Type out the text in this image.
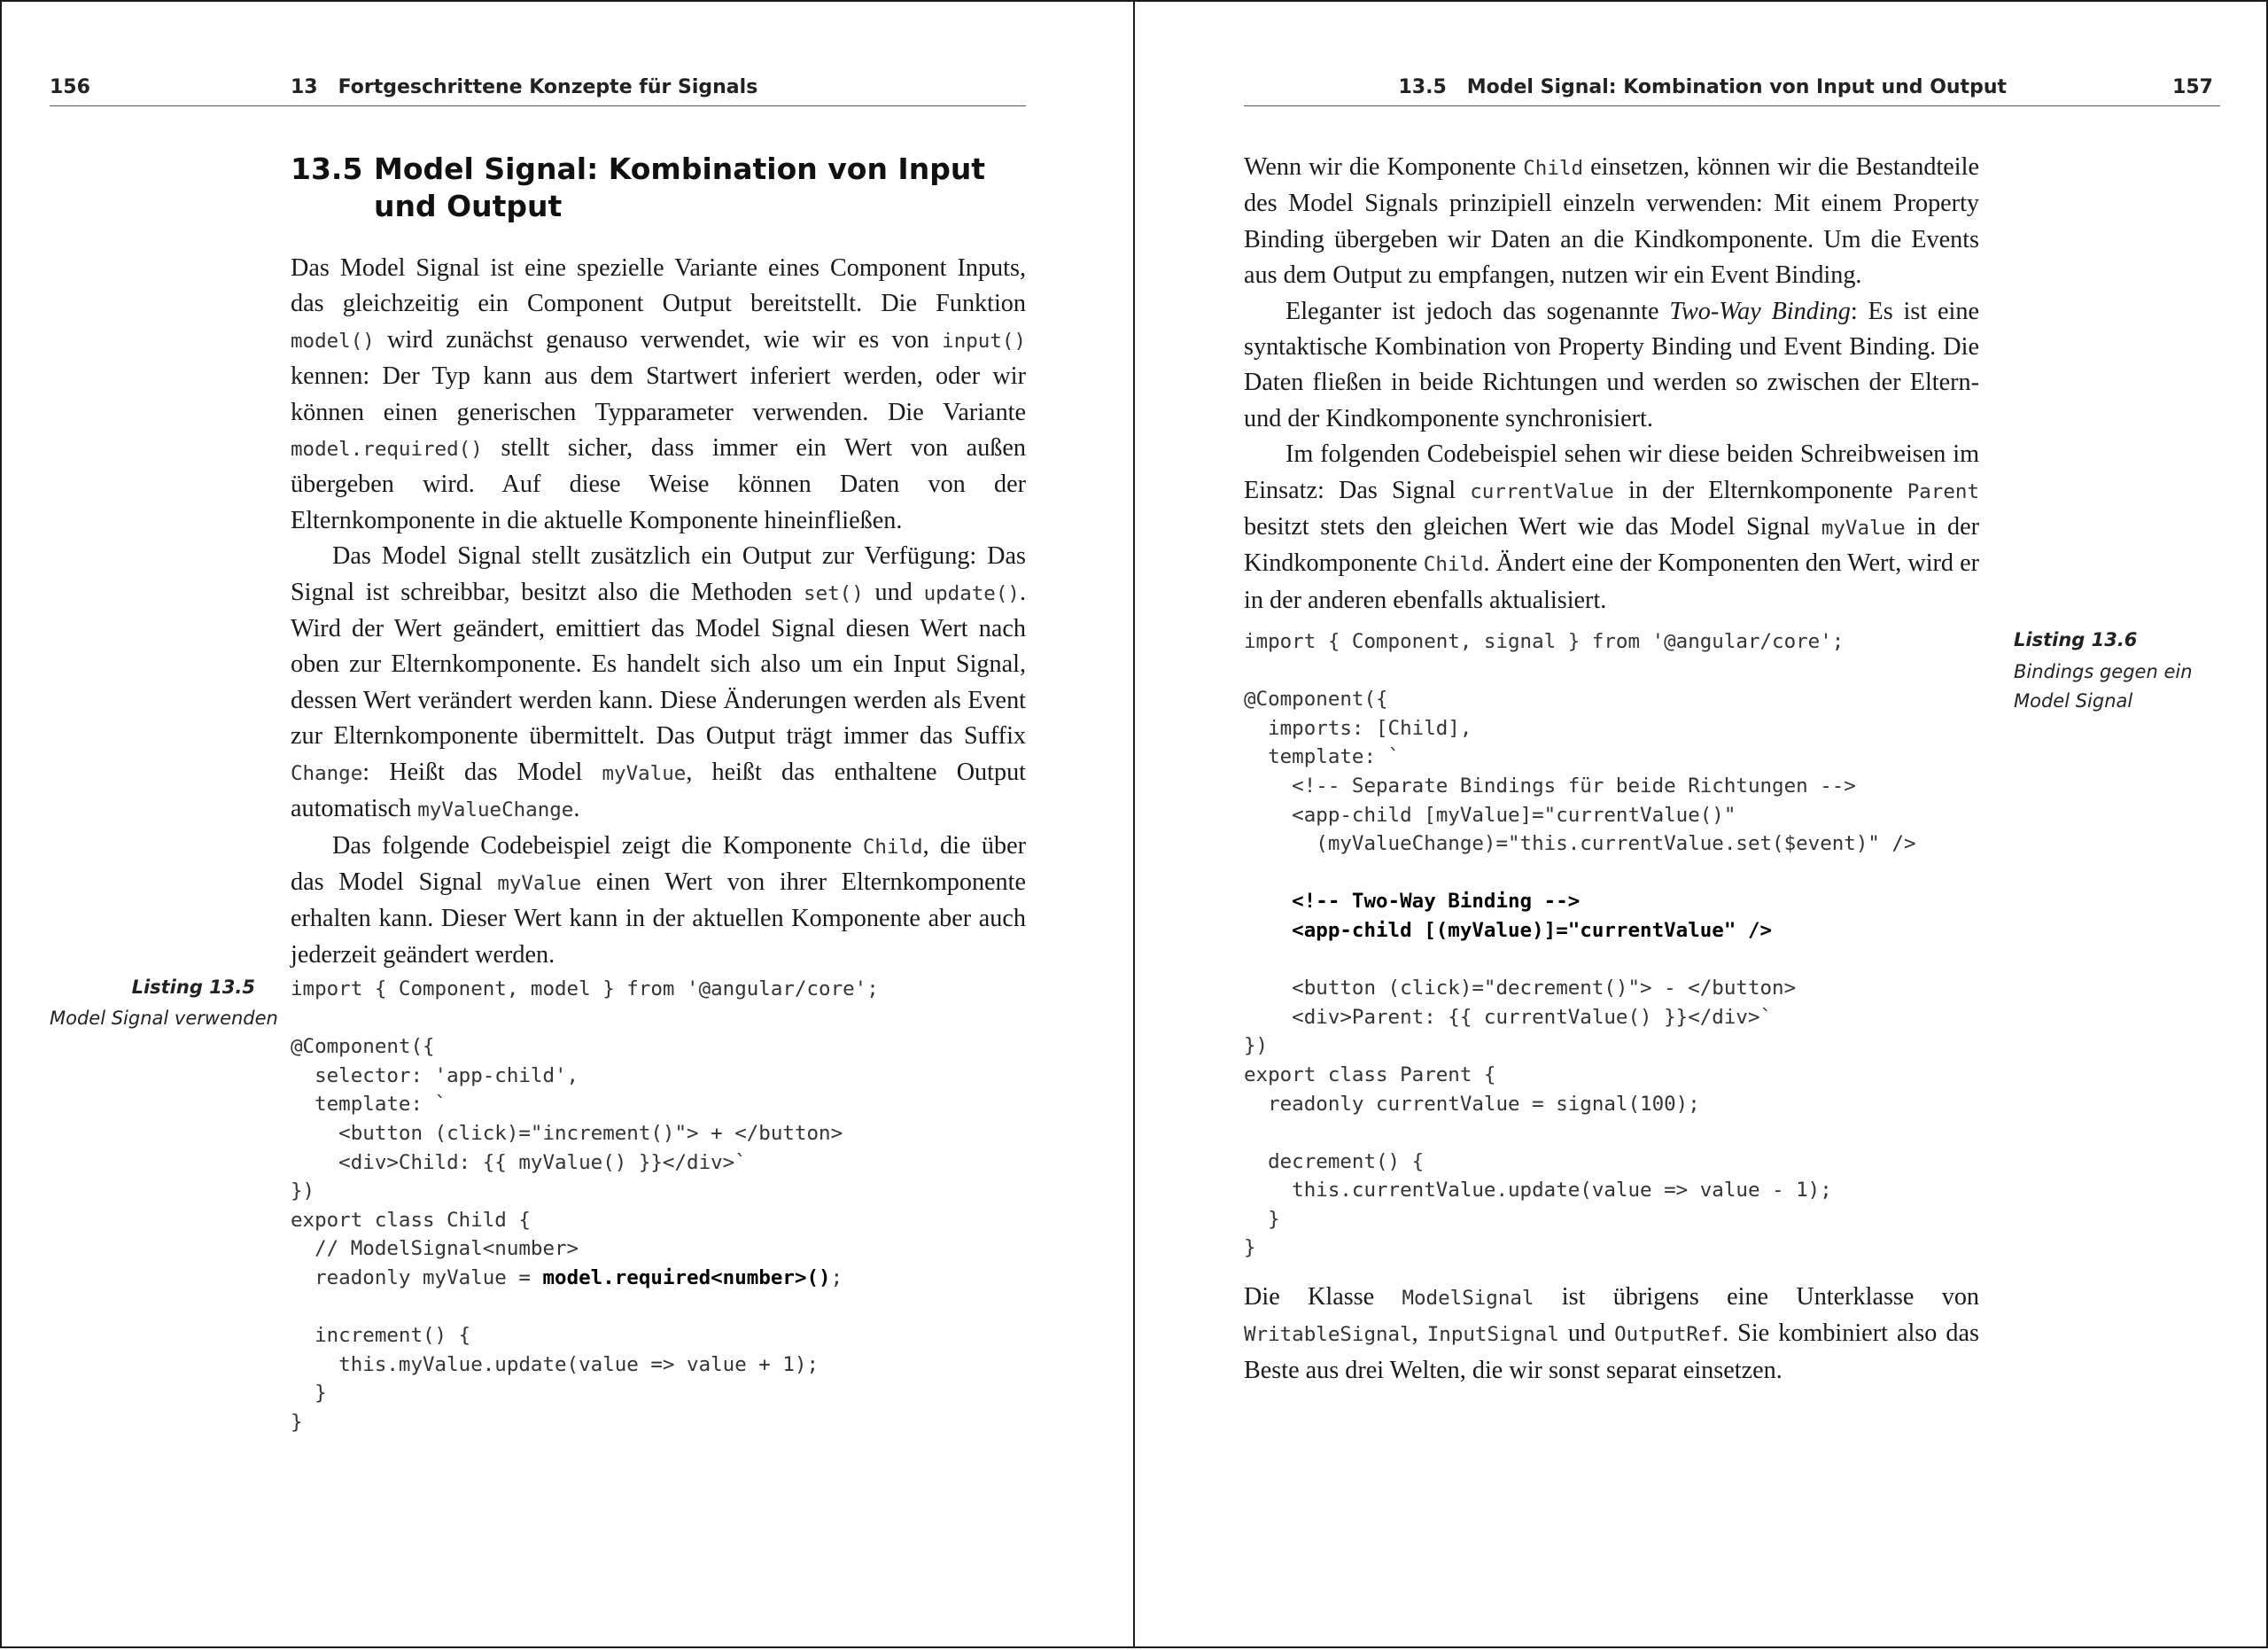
156	13   Fortgeschrittene Konzepte für Signals
13.5 Model Signal: Kombination von Input und Output

Das Model Signal ist eine spezielle Variante eines Component Inputs, das gleichzeitig ein Component Output bereitstellt. Die Funktion model() wird zunächst genauso verwendet, wie wir es von input() kennen: Der Typ kann aus dem Startwert inferiert werden, oder wir können einen generischen Typparameter verwenden. Die Variante model.required() stellt sicher, dass immer ein Wert von außen übergeben wird. Auf diese Weise können Daten von der Elternkomponente in die aktuelle Komponente hineinfließen.

Das Model Signal stellt zusätzlich ein Output zur Verfügung: Das Signal ist schreibbar, besitzt also die Methoden set() und update(). Wird der Wert geändert, emittiert das Model Signal diesen Wert nach oben zur Elternkomponente. Es handelt sich also um ein Input Signal, dessen Wert verändert werden kann. Diese Änderungen werden als Event zur Elternkomponente übermittelt. Das Output trägt immer das Suffix Change: Heißt das Model myValue, heißt das enthaltene Output automatisch myValueChange.

Das folgende Codebeispiel zeigt die Komponente Child, die über das Model Signal myValue einen Wert von ihrer Elternkomponente erhalten kann. Dieser Wert kann in der aktuellen Komponente aber auch jederzeit geändert werden.

Listing 13.5
Model Signal verwenden
import { Component, model } from '@angular/core';

@Component({
selector: 'app-child',
template: `
<button (click)="increment()"> + </button>
<div>Child: {{ myValue() }}</div>`
})
export class Child {
// ModelSignal<number>
readonly myValue = model.required<number>();

increment() {
this.myValue.update(value => value + 1);
}
}
157
13.5   Model Signal: Kombination von Input und Output

Wenn wir die Komponente Child einsetzen, können wir die Bestandteile des Model Signals prinzipiell einzeln verwenden: Mit einem Property Binding übergeben wir Daten an die Kindkomponente. Um die Events aus dem Output zu empfangen, nutzen wir ein Event Binding.

Eleganter ist jedoch das sogenannte Two-Way Binding: Es ist eine syntaktische Kombination von Property Binding und Event Binding. Die Daten fließen in beide Richtungen und werden so zwischen der Eltern- und der Kindkomponente synchronisiert.

Im folgenden Codebeispiel sehen wir diese beiden Schreibweisen im Einsatz: Das Signal currentValue in der Elternkomponente Parent besitzt stets den gleichen Wert wie das Model Signal myValue in der Kindkomponente Child. Ändert eine der Komponenten den Wert, wird er in der anderen ebenfalls aktualisiert.

Listing 13.6
Bindings gegen ein
Model Signal
import { Component, signal } from '@angular/core';

@Component({
imports: [Child],
template: `
<!-- Separate Bindings für beide Richtungen -->
<app-child [myValue]="currentValue()"
(myValueChange)="this.currentValue.set($event)" />

<!-- Two-Way Binding -->
<app-child [(myValue)]="currentValue" />

<button (click)="decrement()"> - </button>
<div>Parent: {{ currentValue() }}</div>`
})
export class Parent {
readonly currentValue = signal(100);

decrement() {
this.currentValue.update(value => value - 1);
}
}

Die Klasse ModelSignal ist übrigens eine Unterklasse von WritableSignal, InputSignal und OutputRef. Sie kombiniert also das Beste aus drei Welten, die wir sonst separat einsetzen.
